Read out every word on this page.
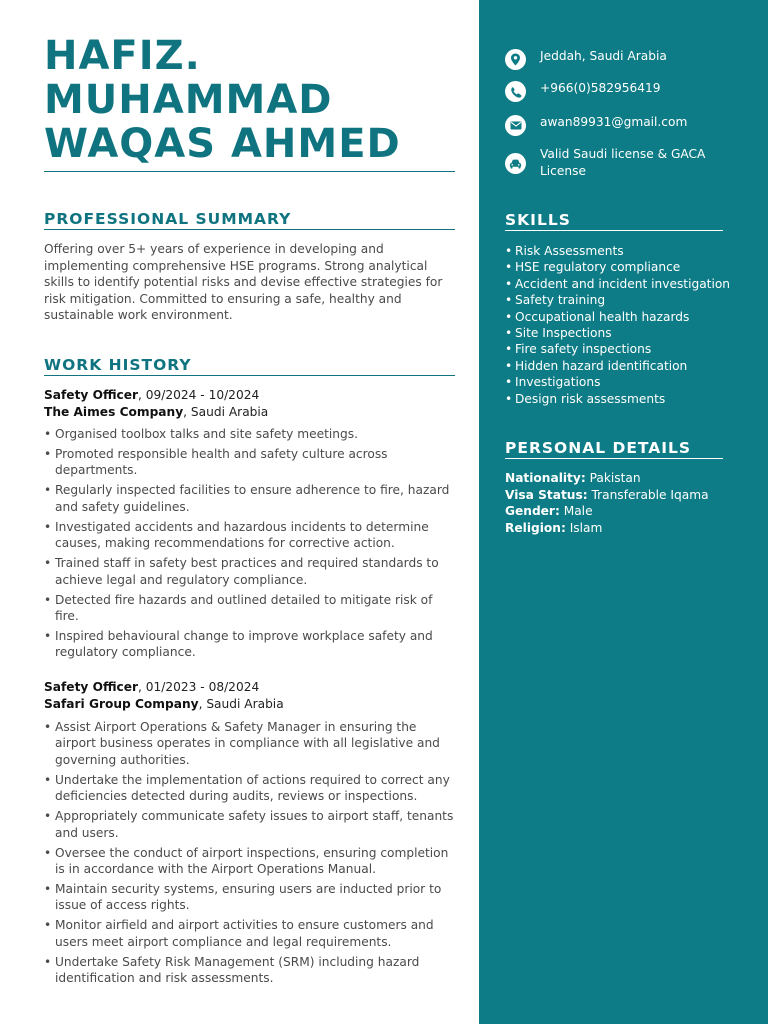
HAFIZ. MUHAMMAD WAQAS AHMED
PROFESSIONAL SUMMARY

Offering over 5+ years of experience in developing and implementing comprehensive HSE programs. Strong analytical skills to identify potential risks and devise effective strategies for risk mitigation. Committed to ensuring a safe, healthy and sustainable work environment.

WORK HISTORY
Safety Officer, 09/2024 - 10/2024
The Aimes Company, Saudi Arabia
• Organised toolbox talks and site safety meetings.
• Promoted responsible health and safety culture across departments.
• Regularly inspected facilities to ensure adherence to fire, hazard and safety guidelines.
• Investigated accidents and hazardous incidents to determine causes, making recommendations for corrective action.
• Trained staff in safety best practices and required standards to achieve legal and regulatory compliance.
• Detected fire hazards and outlined detailed to mitigate risk of fire.
• Inspired behavioural change to improve workplace safety and regulatory compliance.
Safety Officer, 01/2023 - 08/2024
Safari Group Company, Saudi Arabia
• Assist Airport Operations & Safety Manager in ensuring the airport business operates in compliance with all legislative and governing authorities.
• Undertake the implementation of actions required to correct any deficiencies detected during audits, reviews or inspections.
• Appropriately communicate safety issues to airport staff, tenants and users.
• Oversee the conduct of airport inspections, ensuring completion is in accordance with the Airport Operations Manual.
• Maintain security systems, ensuring users are inducted prior to issue of access rights.
• Monitor airfield and airport activities to ensure customers and users meet airport compliance and legal requirements.
• Undertake Safety Risk Management (SRM) including hazard identification and risk assessments.
Jeddah, Saudi Arabia
+966(0)582956419
awan89931@gmail.com
Valid Saudi license & GACA License
SKILLS
• Risk Assessments
• HSE regulatory compliance
• Accident and incident investigation
• Safety training
• Occupational health hazards
• Site Inspections
• Fire safety inspections
• Hidden hazard identification
• Investigations
• Design risk assessments
PERSONAL DETAILS
Nationality: Pakistan
Visa Status: Transferable Iqama
Gender: Male
Religion: Islam
